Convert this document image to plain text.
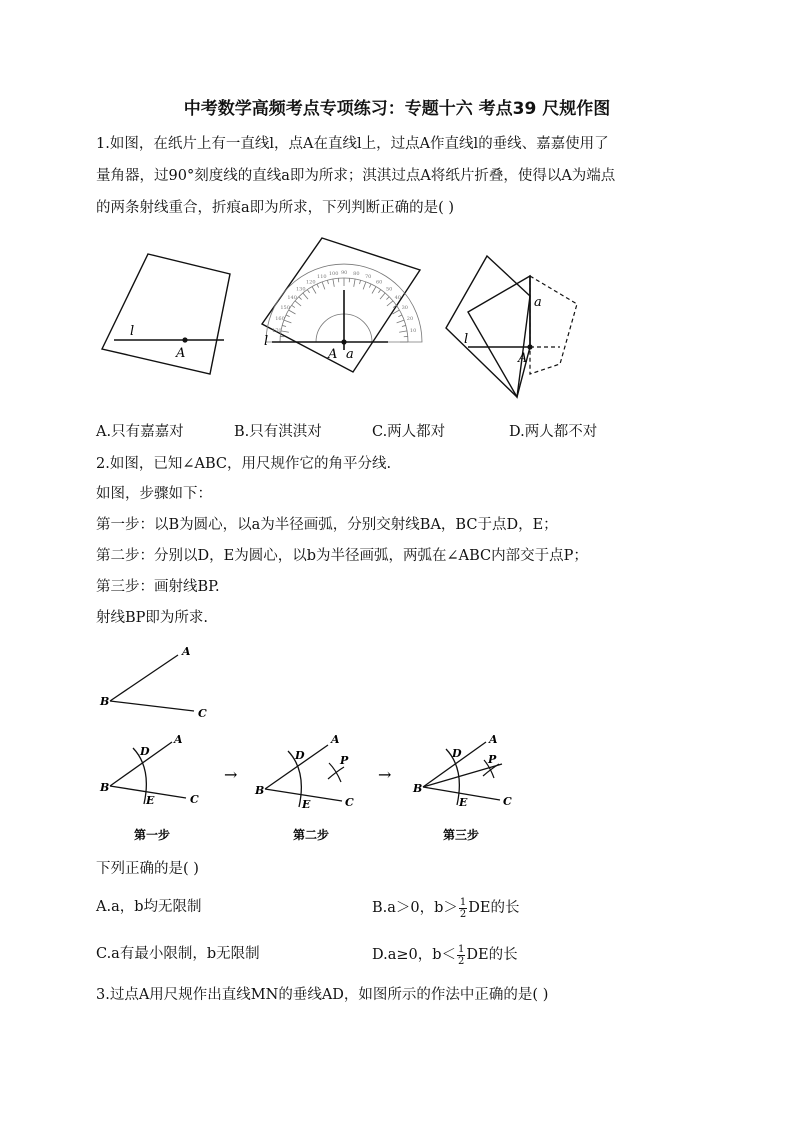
中考数学高频考点专项练习：专题十六 考点39 尺规作图
1.如图，在纸片上有一直线l，点A在直线l上，过点A作直线l的垂线、嘉嘉使用了
量角器，过90°刻度线的直线a即为所求；淇淇过点A将纸片折叠，使得以A为端点
的两条射线重合，折痕a即为所求，下列判断正确的是( )
l
A
10
20
30
40
50
60
70
80
90
100
110
120
130
140
150
160
170
l
A a
l
A
a
A.只有嘉嘉对	B.只有淇淇对	C.两人都对	D.两人都不对
2.如图，已知∠ABC，用尺规作它的角平分线.
如图，步骤如下：
第一步：以B为圆心，以a为半径画弧，分别交射线BA，BC于点D，E；
第二步：分别以D，E为圆心，以b为半径画弧，两弧在∠ABC内部交于点P；
第三步：画射线BP.
射线BP即为所求.
A
B
C
A
B
C
D
E
A
B
C
D
E
P
A
B
C
D
E
P
→	→
第一步	第二步	第三步
下列正确的是( )
A.a，b均无限制	B.a＞0，$b> \frac{1}{2}$ DE的长
C.a有最小限制，b无限制	D.a≥0，$b< \frac{1}{2}$ DE的长
3.过点A用尺规作出直线MN的垂线AD，如图所示的作法中正确的是( )
